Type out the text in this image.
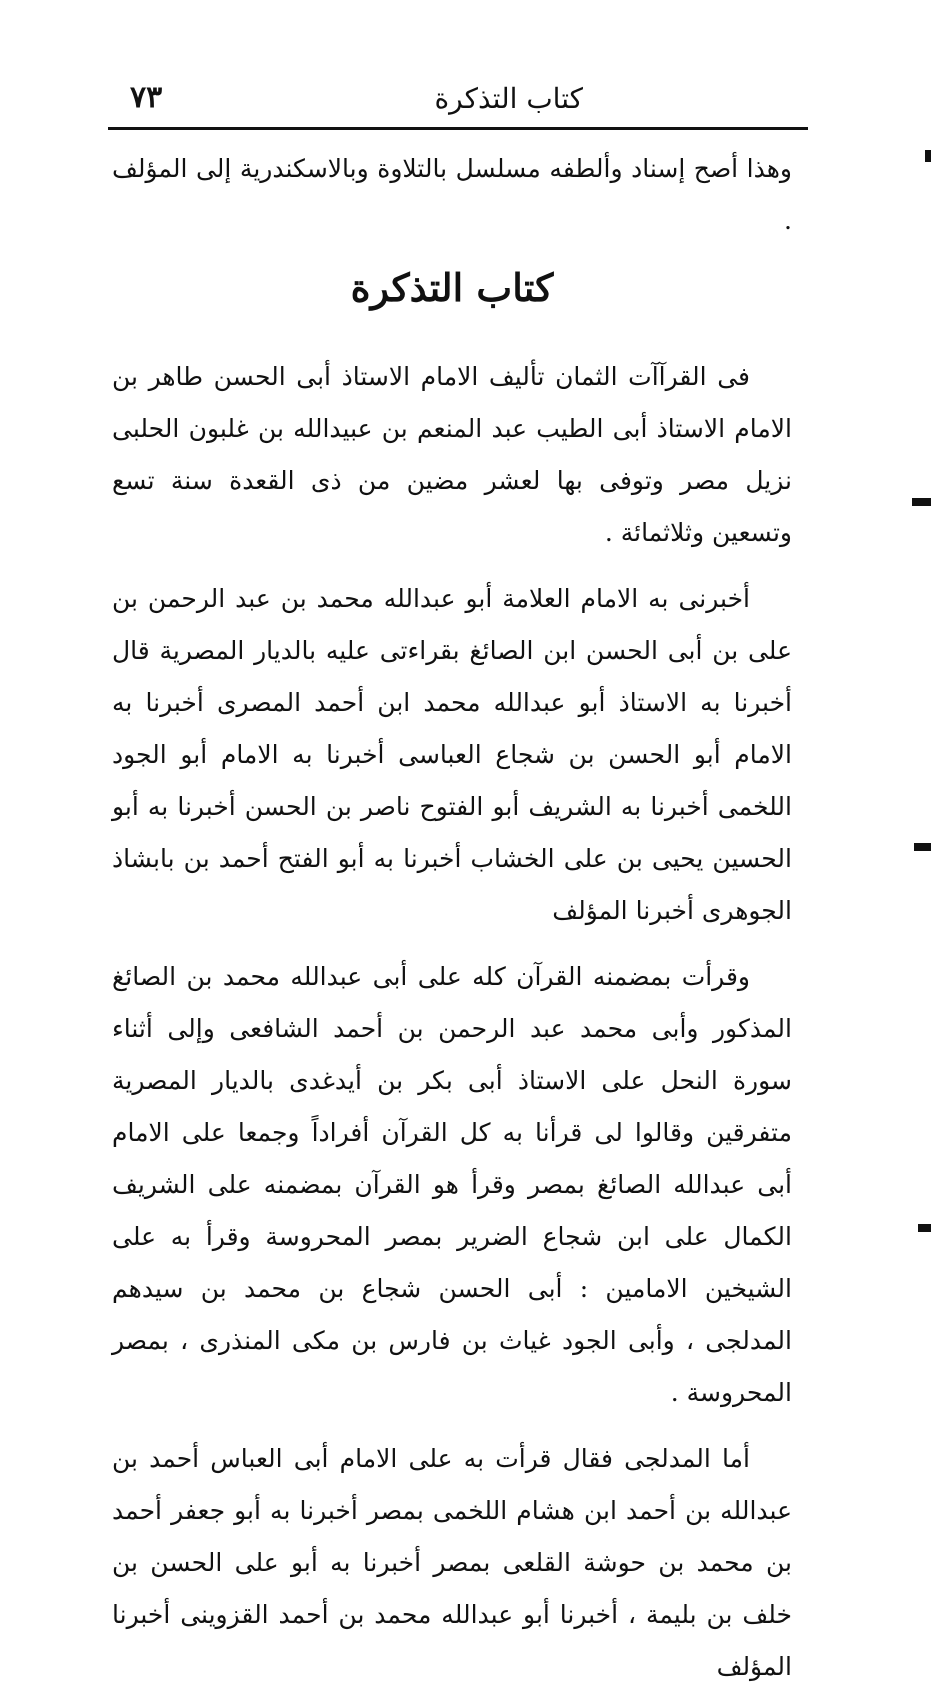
كتاب التذكرة
٧٣

وهذا أصح إسناد وألطفه مسلسل بالتلاوة وبالاسكندرية إلى المؤلف .

كتاب التذكرة

فى القرآآت الثمان تأليف الامام الاستاذ أبى الحسن طاهر بن الامام الاستاذ أبى الطيب عبد المنعم بن عبيدالله بن غلبون الحلبى نزيل مصر وتوفى بها لعشر مضين من ذى القعدة سنة تسع وتسعين وثلاثمائة .

أخبرنى به الامام العلامة أبو عبدالله محمد بن عبد الرحمن بن على بن أبى الحسن ابن الصائغ بقراءتى عليه بالديار المصرية قال أخبرنا به الاستاذ أبو عبدالله محمد ابن أحمد المصرى أخبرنا به الامام أبو الحسن بن شجاع العباسى أخبرنا به الامام أبو الجود اللخمى أخبرنا به الشريف أبو الفتوح ناصر بن الحسن أخبرنا به أبو الحسين يحيى بن على الخشاب أخبرنا به أبو الفتح أحمد بن بابشاذ الجوهرى أخبرنا المؤلف

وقرأت بمضمنه القرآن كله على أبى عبدالله محمد بن الصائغ المذكور وأبى محمد عبد الرحمن بن أحمد الشافعى وإلى أثناء سورة النحل على الاستاذ أبى بكر بن أيدغدى بالديار المصرية متفرقين وقالوا لى قرأنا به كل القرآن أفراداً وجمعا على الامام أبى عبدالله الصائغ بمصر وقرأ هو القرآن بمضمنه على الشريف الكمال على ابن شجاع الضرير بمصر المحروسة وقرأ به على الشيخين الامامين : أبى الحسن شجاع بن محمد بن سيدهم المدلجى ، وأبى الجود غياث بن فارس بن مكى المنذرى ، بمصر المحروسة .

أما المدلجى فقال قرأت به على الامام أبى العباس أحمد بن عبدالله بن أحمد ابن هشام اللخمى بمصر أخبرنا به أبو جعفر أحمد بن محمد بن حوشة القلعى بمصر أخبرنا به أبو على الحسن بن خلف بن بليمة ، أخبرنا أبو عبدالله محمد بن أحمد القزوينى أخبرنا المؤلف
